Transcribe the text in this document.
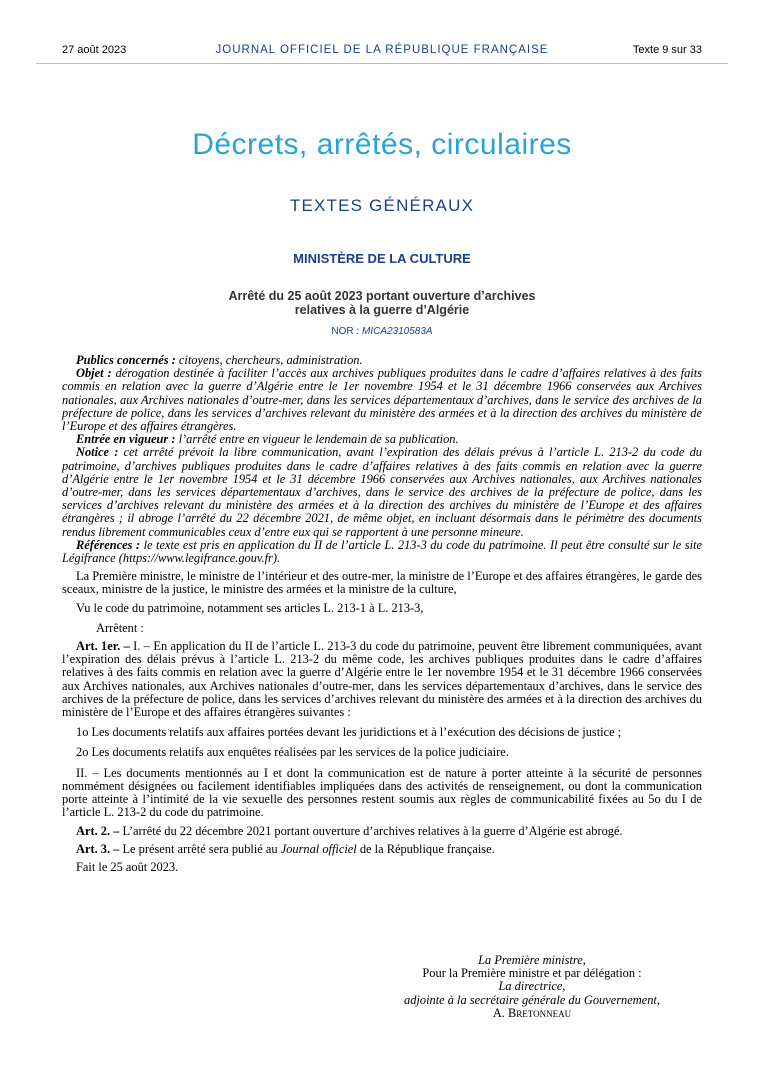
27 août 2023	JOURNAL OFFICIEL DE LA RÉPUBLIQUE FRANÇAISE	Texte 9 sur 33
Décrets, arrêtés, circulaires
TEXTES GÉNÉRAUX
MINISTÈRE DE LA CULTURE
Arrêté du 25 août 2023 portant ouverture d’archives
relatives à la guerre d’Algérie
NOR : MICA2310583A

Publics concernés : citoyens, chercheurs, administration.

Objet : dérogation destinée à faciliter l’accès aux archives publiques produites dans le cadre d’affaires relatives à des faits commis en relation avec la guerre d’Algérie entre le 1er novembre 1954 et le 31 décembre 1966 conservées aux Archives nationales, aux Archives nationales d’outre-mer, dans les services départementaux d’archives, dans le service des archives de la préfecture de police, dans les services d’archives relevant du ministère des armées et à la direction des archives du ministère de l’Europe et des affaires étrangères.

Entrée en vigueur : l’arrêté entre en vigueur le lendemain de sa publication.

Notice : cet arrêté prévoit la libre communication, avant l’expiration des délais prévus à l’article L. 213-2 du code du patrimoine, d’archives publiques produites dans le cadre d’affaires relatives à des faits commis en relation avec la guerre d’Algérie entre le 1er novembre 1954 et le 31 décembre 1966 conservées aux Archives nationales, aux Archives nationales d’outre-mer, dans les services départementaux d’archives, dans le service des archives de la préfecture de police, dans les services d’archives relevant du ministère des armées et à la direction des archives du ministère de l’Europe et des affaires étrangères ; il abroge l’arrêté du 22 décembre 2021, de même objet, en incluant désormais dans le périmètre des documents rendus librement communicables ceux d’entre eux qui se rapportent à une personne mineure.

Références : le texte est pris en application du II de l’article L. 213-3 du code du patrimoine. Il peut être consulté sur le site Légifrance (https://www.legifrance.gouv.fr).

La Première ministre, le ministre de l’intérieur et des outre-mer, la ministre de l’Europe et des affaires étrangères, le garde des sceaux, ministre de la justice, le ministre des armées et la ministre de la culture,

Vu le code du patrimoine, notamment ses articles L. 213-1 à L. 213-3,

Arrêtent :

Art. 1er. – I. – En application du II de l’article L. 213-3 du code du patrimoine, peuvent être librement communiquées, avant l’expiration des délais prévus à l’article L. 213-2 du même code, les archives publiques produites dans le cadre d’affaires relatives à des faits commis en relation avec la guerre d’Algérie entre le 1er novembre 1954 et le 31 décembre 1966 conservées aux Archives nationales, aux Archives nationales d’outre-mer, dans les services départementaux d’archives, dans le service des archives de la préfecture de police, dans les services d’archives relevant du ministère des armées et à la direction des archives du ministère de l’Europe et des affaires étrangères suivantes :

1o Les documents relatifs aux affaires portées devant les juridictions et à l’exécution des décisions de justice ;

2o Les documents relatifs aux enquêtes réalisées par les services de la police judiciaire.

II. – Les documents mentionnés au I et dont la communication est de nature à porter atteinte à la sécurité de personnes nommément désignées ou facilement identifiables impliquées dans des activités de renseignement, ou dont la communication porte atteinte à l’intimité de la vie sexuelle des personnes restent soumis aux règles de communicabilité fixées au 5o du I de l’article L. 213-2 du code du patrimoine.

Art. 2. – L’arrêté du 22 décembre 2021 portant ouverture d’archives relatives à la guerre d’Algérie est abrogé.

Art. 3. – Le présent arrêté sera publié au Journal officiel de la République française.

Fait le 25 août 2023.

La Première ministre,

Pour la Première ministre et par délégation :

La directrice,

adjointe à la secrétaire générale du Gouvernement,

A. Bretonneau
